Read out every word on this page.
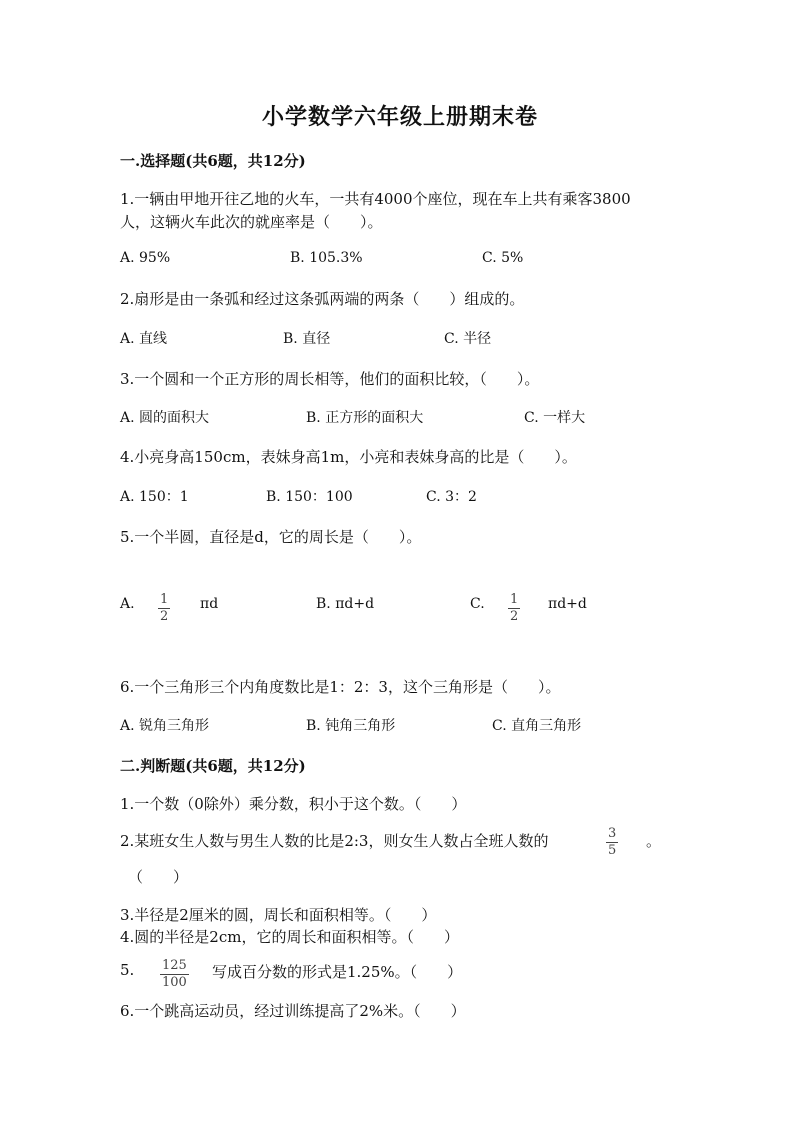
小学数学六年级上册期末卷
一.选择题(共6题，共12分)
1.一辆由甲地开往乙地的火车，一共有4000个座位，现在车上共有乘客3800
人，这辆火车此次的就座率是（　　）。
A. 95%	B. 105.3%	C. 5%
2.扇形是由一条弧和经过这条弧两端的两条（　　）组成的。
A. 直线	B. 直径	C. 半径
3.一个圆和一个正方形的周长相等，他们的面积比较，（　　）。
A. 圆的面积大	B. 正方形的面积大	C. 一样大
4.小亮身高150cm，表妹身高1m，小亮和表妹身高的比是（　　）。
A. 150：1	B. 150：100	C. 3：2
5.一个半圆，直径是d，它的周长是（　　）。
A. $\frac{1}{2}$ πd	B. πd+d	C. $\frac{1}{2} \pi d+d$
6.一个三角形三个内角度数比是1：2：3，这个三角形是（　　）。
A. 锐角三角形	B. 钝角三角形	C. 直角三角形
二.判断题(共6题，共12分)
1.一个数（0除外）乘分数，积小于这个数。（　　）
2.某班女生人数与男生人数的比是2:3，则女生人数占全班人数的	$\frac{3}{5}$ 。
（　　）
3.半径是2厘米的圆，周长和面积相等。（　　）
4.圆的半径是2cm，它的周长和面积相等。（　　）
5. $\frac{125}{100}$ 写成百分数的形式是1.25%。（　　）
6.一个跳高运动员，经过训练提高了2%米。（　　）
